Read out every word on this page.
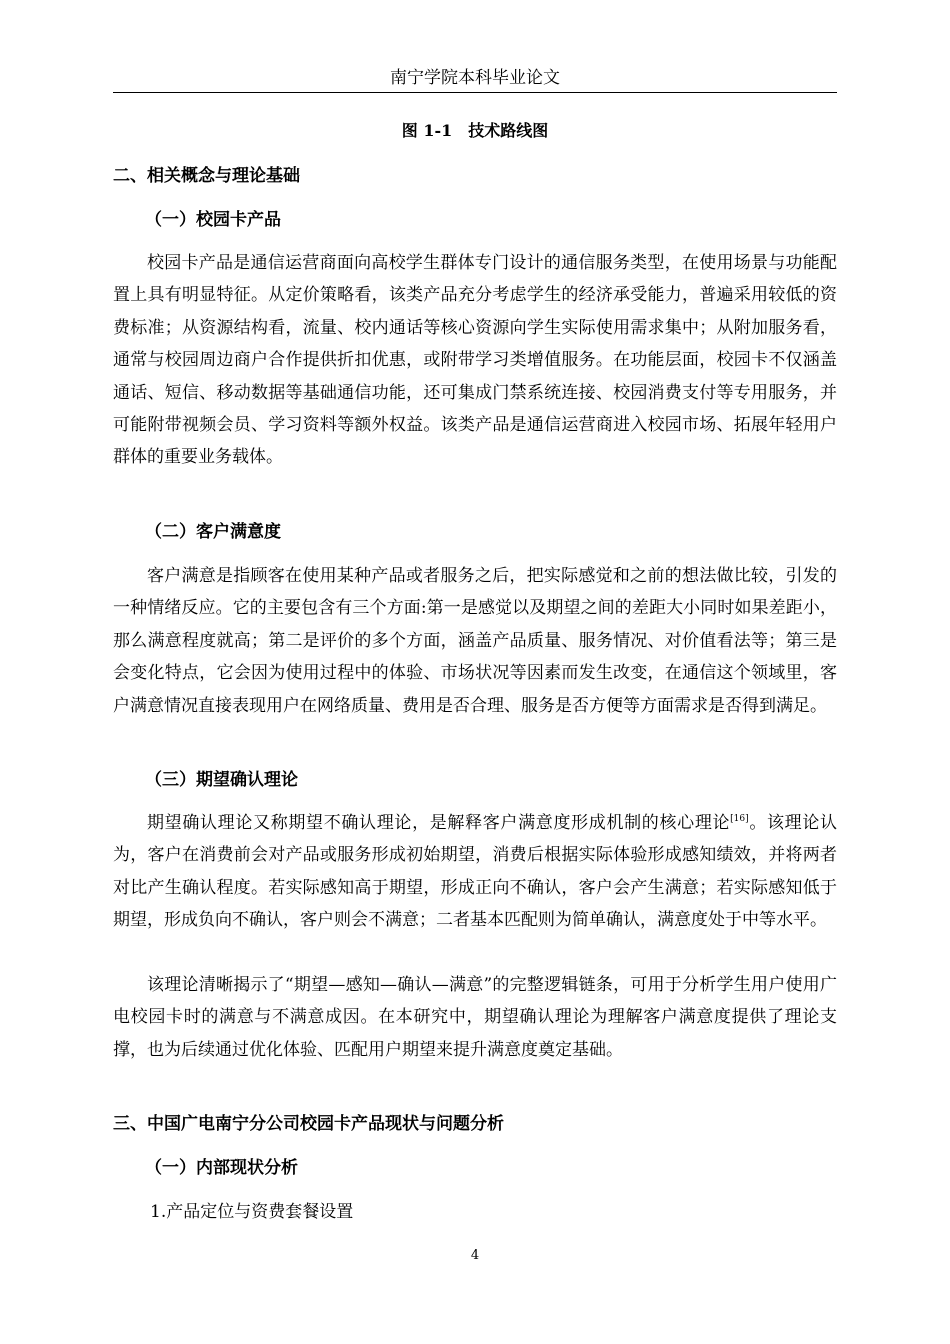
南宁学院本科毕业论文
图 1-1　技术路线图
二、相关概念与理论基础
（一）校园卡产品

校园卡产品是通信运营商面向高校学生群体专门设计的通信服务类型，在使用场景与功能配置上具有明显特征。从定价策略看，该类产品充分考虑学生的经济承受能力，普遍采用较低的资费标准；从资源结构看，流量、校内通话等核心资源向学生实际使用需求集中；从附加服务看，通常与校园周边商户合作提供折扣优惠，或附带学习类增值服务。在功能层面，校园卡不仅涵盖通话、短信、移动数据等基础通信功能，还可集成门禁系统连接、校园消费支付等专用服务，并可能附带视频会员、学习资料等额外权益。该类产品是通信运营商进入校园市场、拓展年轻用户群体的重要业务载体。

（二）客户满意度

客户满意是指顾客在使用某种产品或者服务之后，把实际感觉和之前的想法做比较，引发的一种情绪反应。它的主要包含有三个方面:第一是感觉以及期望之间的差距大小同时如果差距小，那么满意程度就高；第二是评价的多个方面，涵盖产品质量、服务情况、对价值看法等；第三是会变化特点，它会因为使用过程中的体验、市场状况等因素而发生改变，在通信这个领域里，客户满意情况直接表现用户在网络质量、费用是否合理、服务是否方便等方面需求是否得到满足。

（三）期望确认理论

期望确认理论又称期望不确认理论，是解释客户满意度形成机制的核心理论[16]。该理论认为，客户在消费前会对产品或服务形成初始期望，消费后根据实际体验形成感知绩效，并将两者对比产生确认程度。若实际感知高于期望，形成正向不确认，客户会产生满意；若实际感知低于期望，形成负向不确认，客户则会不满意；二者基本匹配则为简单确认，满意度处于中等水平。

该理论清晰揭示了“期望—感知—确认—满意”的完整逻辑链条，可用于分析学生用户使用广电校园卡时的满意与不满意成因。在本研究中，期望确认理论为理解客户满意度提供了理论支撑，也为后续通过优化体验、匹配用户期望来提升满意度奠定基础。

三、中国广电南宁分公司校园卡产品现状与问题分析
（一）内部现状分析
1.产品定位与资费套餐设置
4
